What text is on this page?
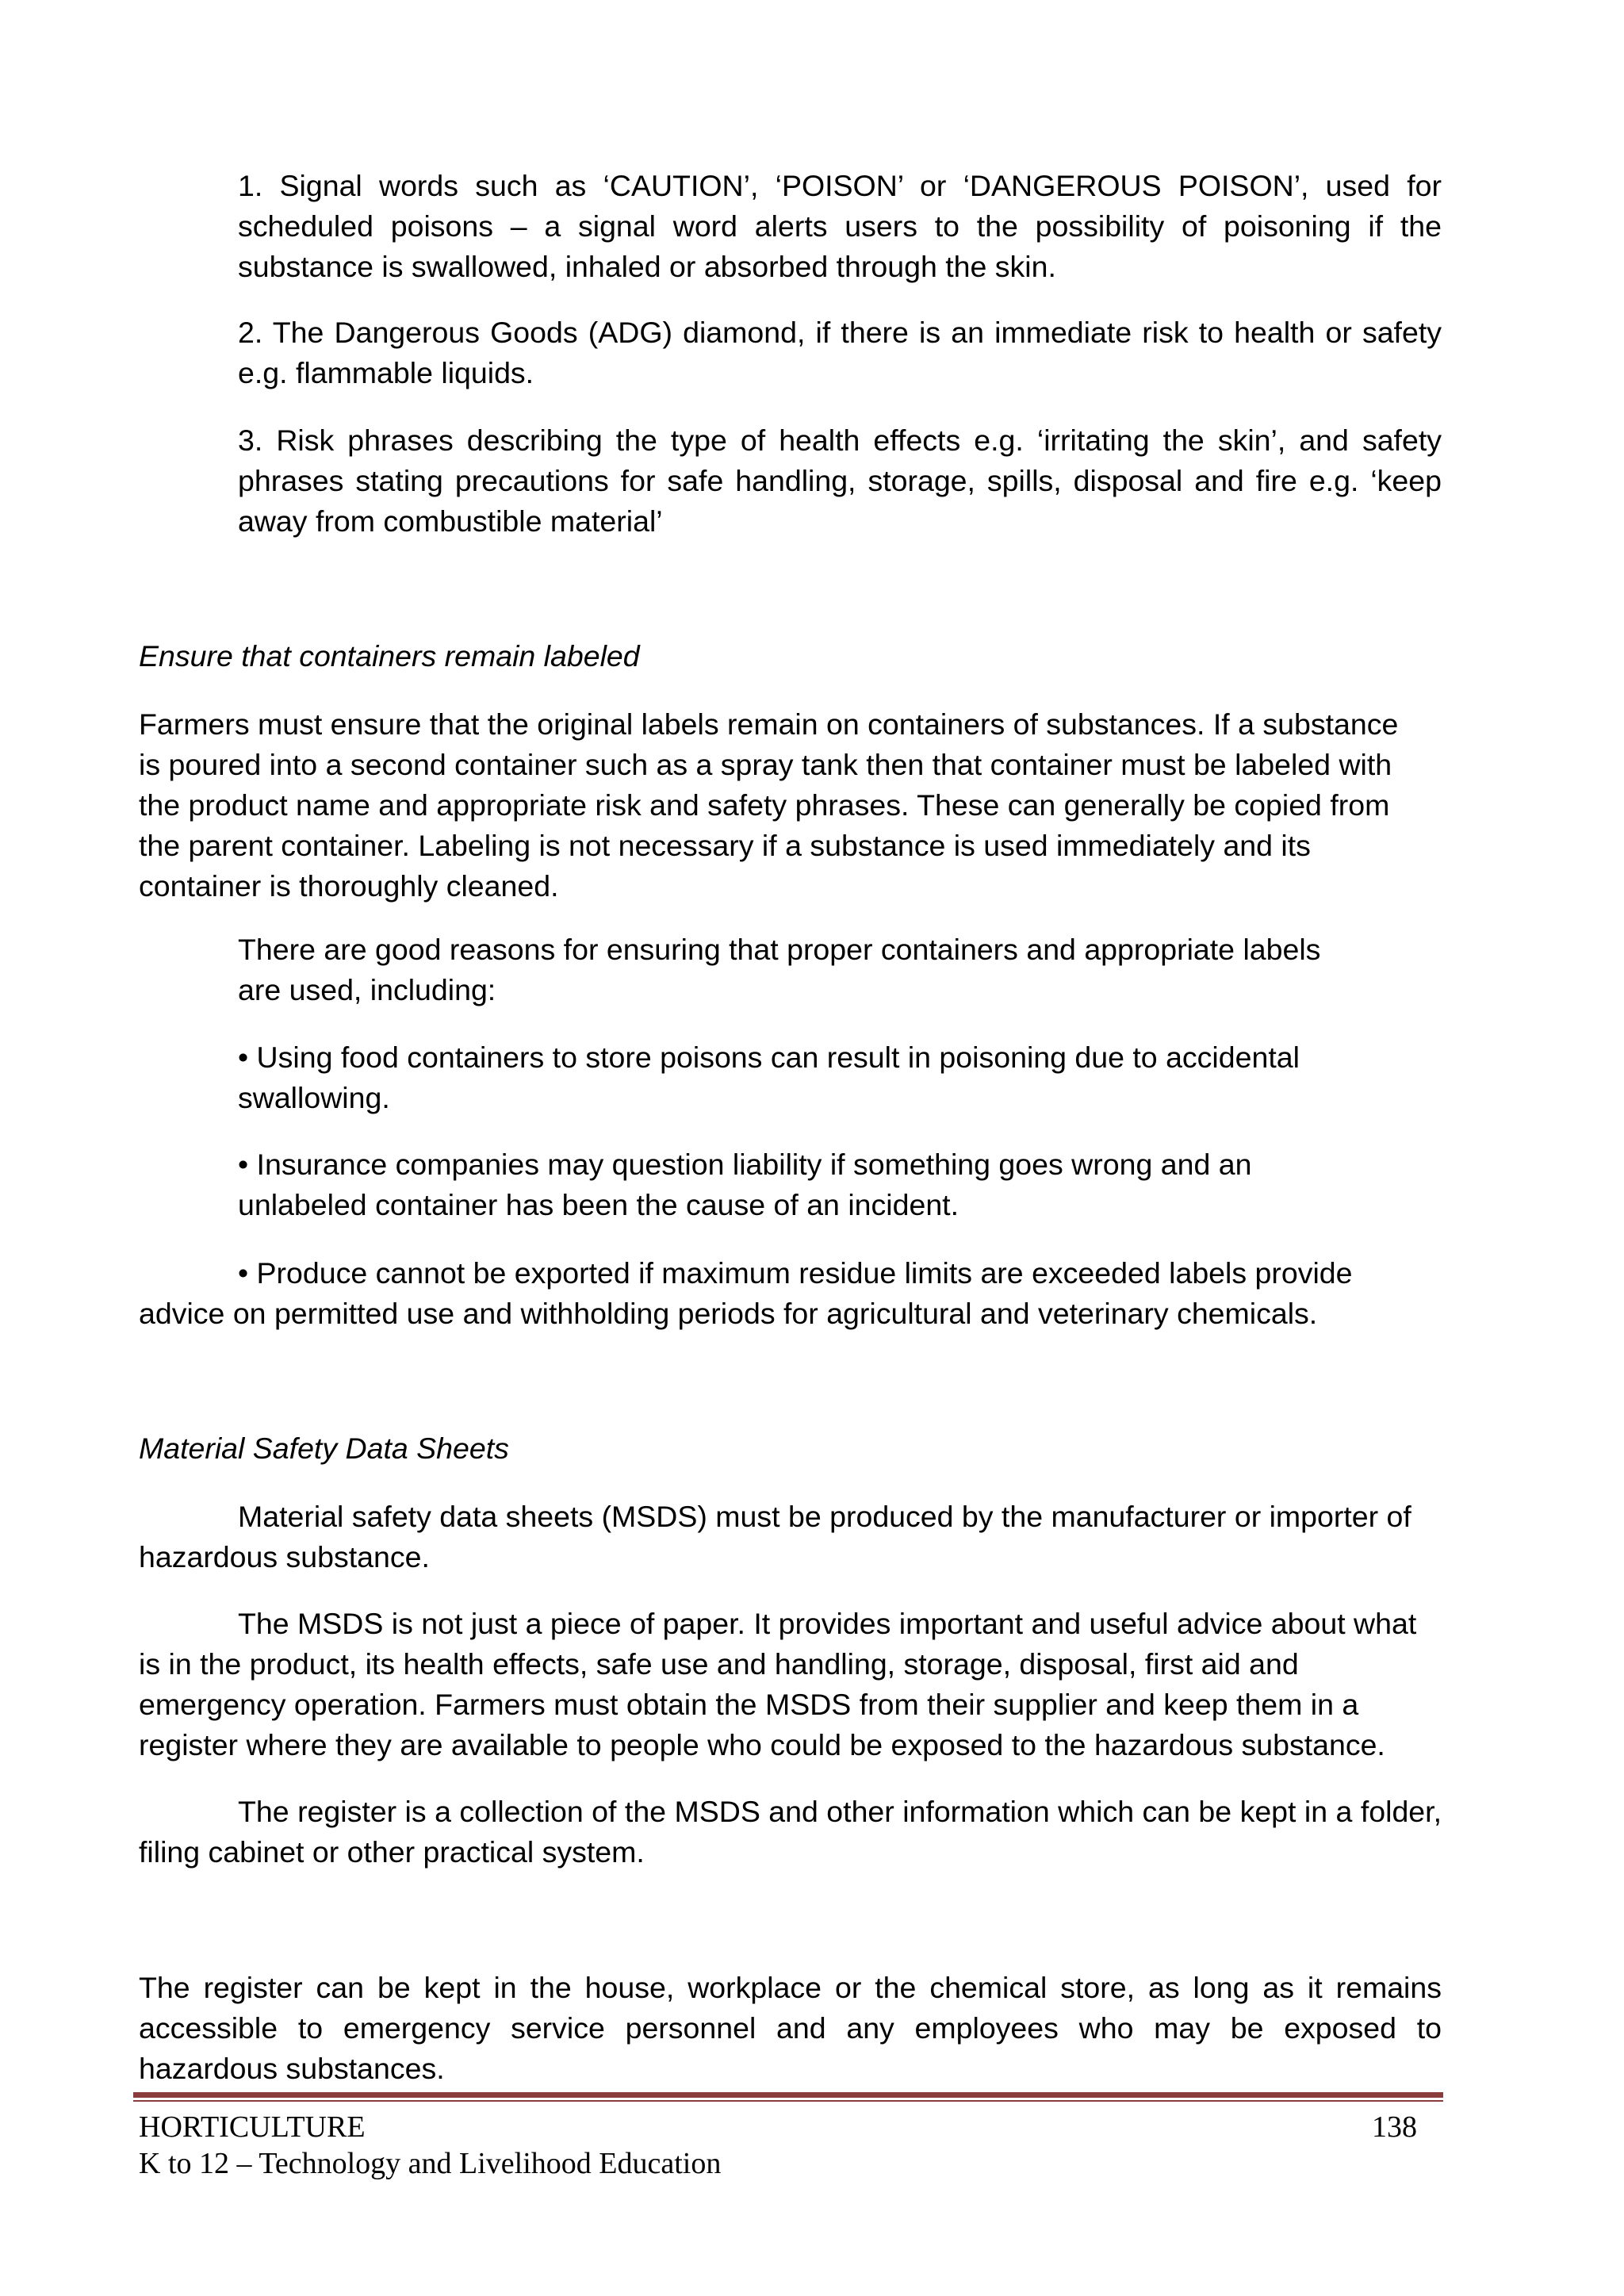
1. Signal words such as ‘CAUTION’, ‘POISON’ or ‘DANGEROUS POISON’, used for scheduled poisons – a signal word alerts users to the possibility of poisoning if the substance is swallowed, inhaled or absorbed through the skin.

2. The Dangerous Goods (ADG) diamond, if there is an immediate risk to health or safety e.g. flammable liquids.

3. Risk phrases describing the type of health effects e.g. ‘irritating the skin’, and safety phrases stating precautions for safe handling, storage, spills, disposal and fire e.g. ‘keep away from combustible material’

Ensure that containers remain labeled

Farmers must ensure that the original labels remain on containers of substances. If a substance is poured into a second container such as a spray tank then that container must be labeled with the product name and appropriate risk and safety phrases. These can generally be copied from the parent container. Labeling is not necessary if a substance is used immediately and its container is thoroughly cleaned.

There are good reasons for ensuring that proper containers and appropriate labels are used, including:

• Using food containers to store poisons can result in poisoning due to accidental swallowing.

• Insurance companies may question liability if something goes wrong and an unlabeled container has been the cause of an incident.

• Produce cannot be exported if maximum residue limits are exceeded labels provide advice on permitted use and withholding periods for agricultural and veterinary chemicals.

Material Safety Data Sheets

Material safety data sheets (MSDS) must be produced by the manufacturer or importer of hazardous substance.

The MSDS is not just a piece of paper. It provides important and useful advice about what is in the product, its health effects, safe use and handling, storage, disposal, first aid and emergency operation. Farmers must obtain the MSDS from their supplier and keep them in a register where they are available to people who could be exposed to the hazardous substance.

The register is a collection of the MSDS and other information which can be kept in a folder, filing cabinet or other practical system.

The register can be kept in the house, workplace or the chemical store, as long as it remains accessible to emergency service personnel and any employees who may be exposed to hazardous substances.

HORTICULTURE	138
K to 12 – Technology and Livelihood Education
